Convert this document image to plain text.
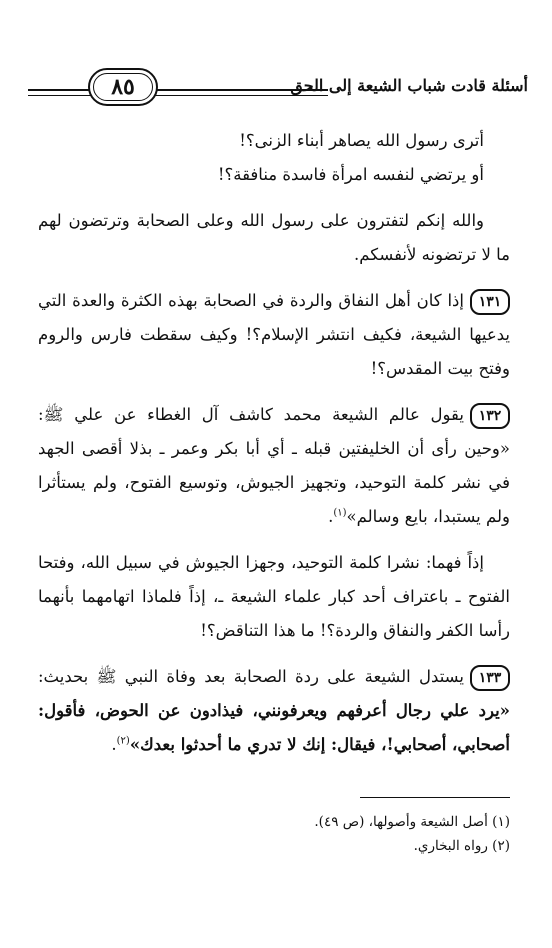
٨٥	أسئلة قادت شباب الشيعة إلى الحق

أترى رسول الله يصاهر أبناء الزنى؟!

أو يرتضي لنفسه امرأة فاسدة منافقة؟!

والله إنكم لتفترون على رسول الله وعلى الصحابة وترتضون لهم ما لا ترتضونه لأنفسكم.

١٣١إذا كان أهل النفاق والردة في الصحابة بهذه الكثرة والعدة التي يدعيها الشيعة، فكيف انتشر الإسلام؟! وكيف سقطت فارس والروم وفتح بيت المقدس؟!

١٣٢يقول عالم الشيعة محمد كاشف آل الغطاء عن علي ﷺ: «وحين رأى أن الخليفتين قبله ـ أي أبا بكر وعمر ـ بذلا أقصى الجهد في نشر كلمة التوحيد، وتجهيز الجيوش، وتوسيع الفتوح، ولم يستأثرا ولم يستبدا، بايع وسالم»$^{(١)}$.

إذاً فهما: نشرا كلمة التوحيد، وجهزا الجيوش في سبيل الله، وفتحا الفتوح ـ باعتراف أحد كبار علماء الشيعة ـ، إذاً فلماذا اتهامهما بأنهما رأسا الكفر والنفاق والردة؟! ما هذا التناقض؟!

١٣٣يستدل الشيعة على ردة الصحابة بعد وفاة النبي ﷺ بحديث: «يرد علي رجال أعرفهم ويعرفونني، فيذادون عن الحوض، فأقول: أصحابي، أصحابي!، فيقال: إنك لا تدري ما أحدثوا بعدك»$^{(٢)}$.

(١) أصل الشيعة وأصولها، (ص ٤٩).

(٢) رواه البخاري.
